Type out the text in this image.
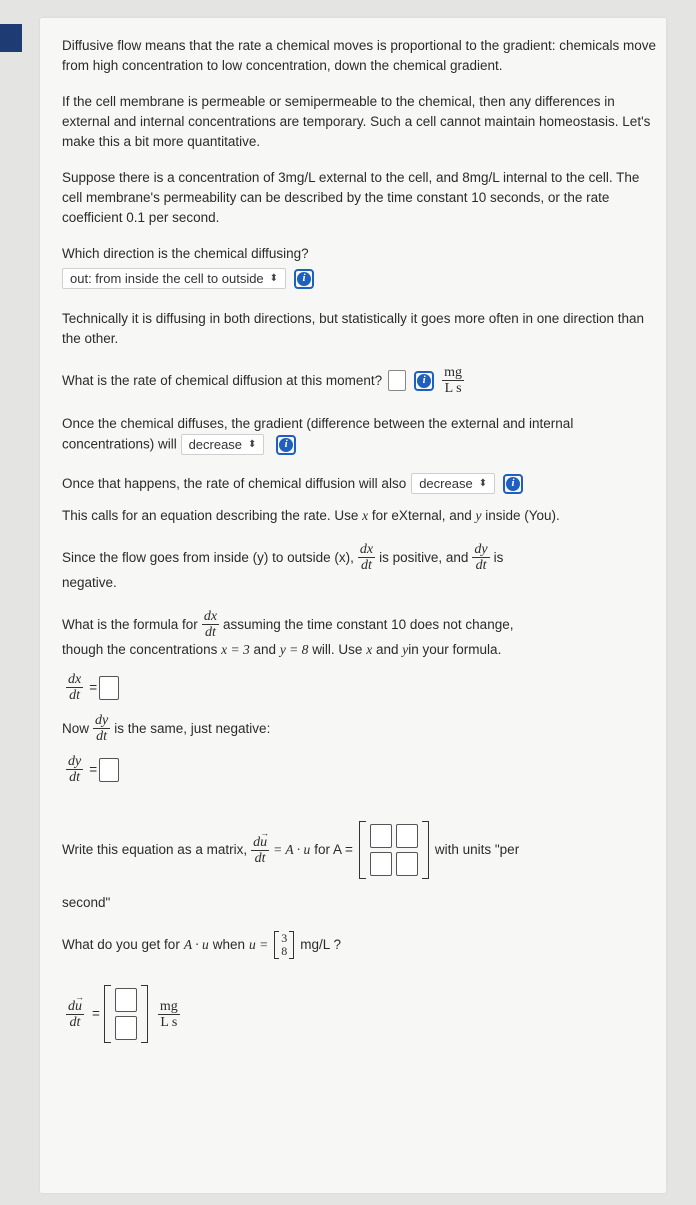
Diffusive flow means that the rate a chemical moves is proportional to the gradient: chemicals move from high concentration to low concentration, down the chemical gradient.

If the cell membrane is permeable or semipermeable to the chemical, then any differences in external and internal concentrations are temporary. Such a cell cannot maintain homeostasis. Let's make this a bit more quantitative.

Suppose there is a concentration of 3mg/L external to the cell, and 8mg/L internal to the cell. The cell membrane's permeability can be described by the time constant 10 seconds, or the rate coefficient 0.1 per second.

Which direction is the chemical diffusing?
out: from inside the cell to outside ⬍	i

Technically it is diffusing in both directions, but statistically it goes more often in one direction than the other.

What is the rate of chemical diffusion at this moment?	i	$\frac{mg}{\text{L s}}$
Once the chemical diffuses, the gradient (difference between the external and internal concentrations) will decrease ⬍
	i
Once that happens, the rate of chemical diffusion will also decrease ⬍	i
This calls for an equation describing the rate. Use x for eXternal, and y inside (You).
Since the flow goes from inside (y) to outside (x), $\frac{dx}{dt}$ is positive, and $\frac{dy}{dt}$ is
negative.
What is the formula for $\frac{dx}{dt}$ assuming the time constant 10 does not change,
though the concentrations x = 3 and y = 8 will. Use x and yin your formula.
$\frac{dx}{dt}$ =
Now $\frac{dy}{dt}$ is the same, just negative:
$\frac{dy}{dt}$ =
Write this equation as a matrix, $\frac{d\to u}{dt} = A \cdot u$ for A =	with units "per
second"
What do you get for A · u when u = 3
8 mg/L ?
$\frac{d\to u}{dt}$ =	$\frac{mg}{\text{L s}}$
